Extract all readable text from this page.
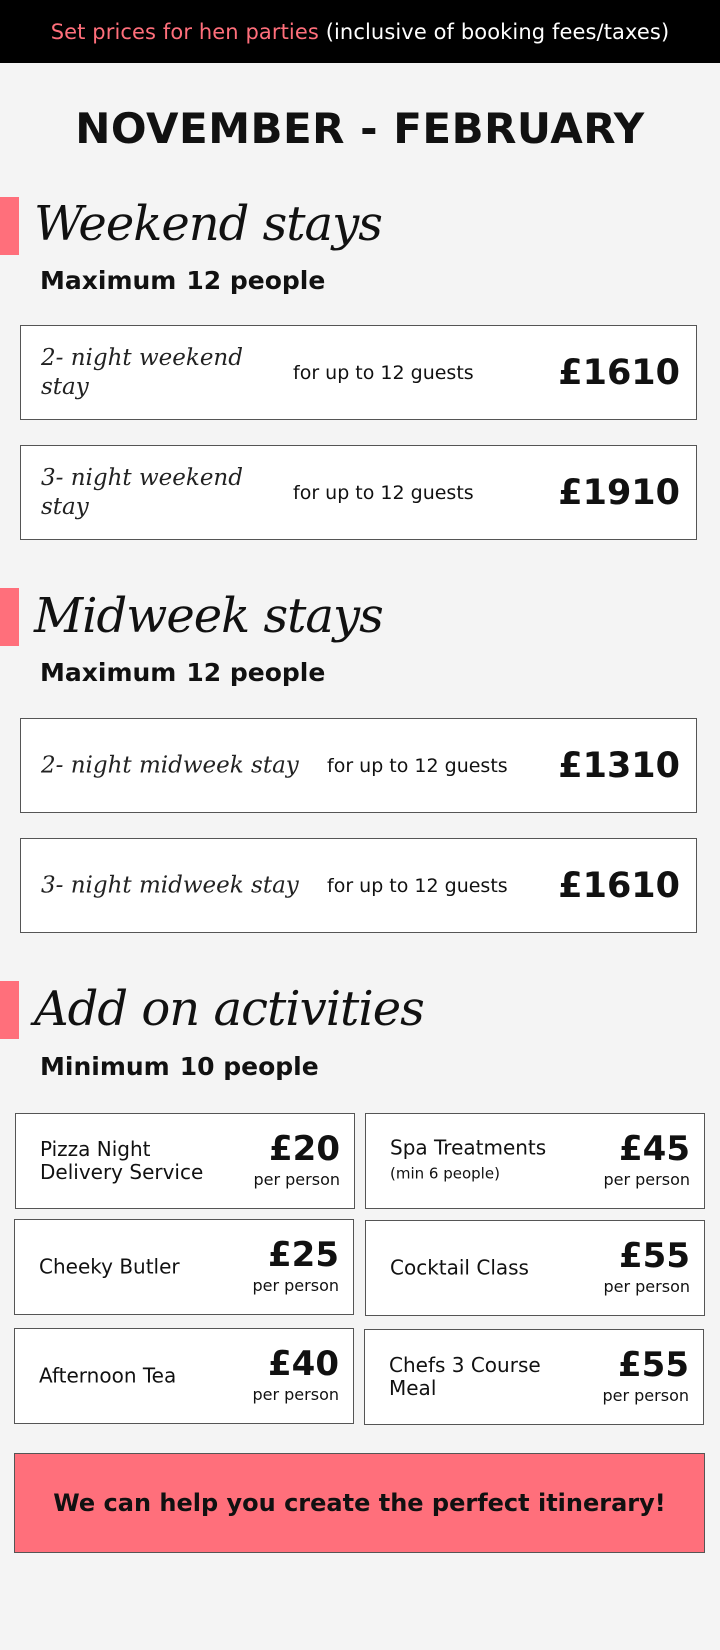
Set prices for hen parties
(inclusive of booking fees/taxes)
NOVEMBER - FEBRUARY
Weekend stays
Maximum 12 people
2- night weekend stay
for up to 12 guests £1610
3- night weekend stay
for up to 12 guests £1910
Midweek stays
Maximum 12 people
2- night midweek stay	for up to 12 guests £1310
3- night midweek stay	for up to 12 guests £1610
Add on activities
Minimum 10 people
Pizza Night Delivery Service
£20
per person
Spa Treatments
(min 6 people)
£45
per person
Cheeky Butler	£25
per person
Cocktail Class	£55
per person
Afternoon Tea	£40
per person
Chefs 3 Course Meal
£55
per person
We can help you create the perfect itinerary!
